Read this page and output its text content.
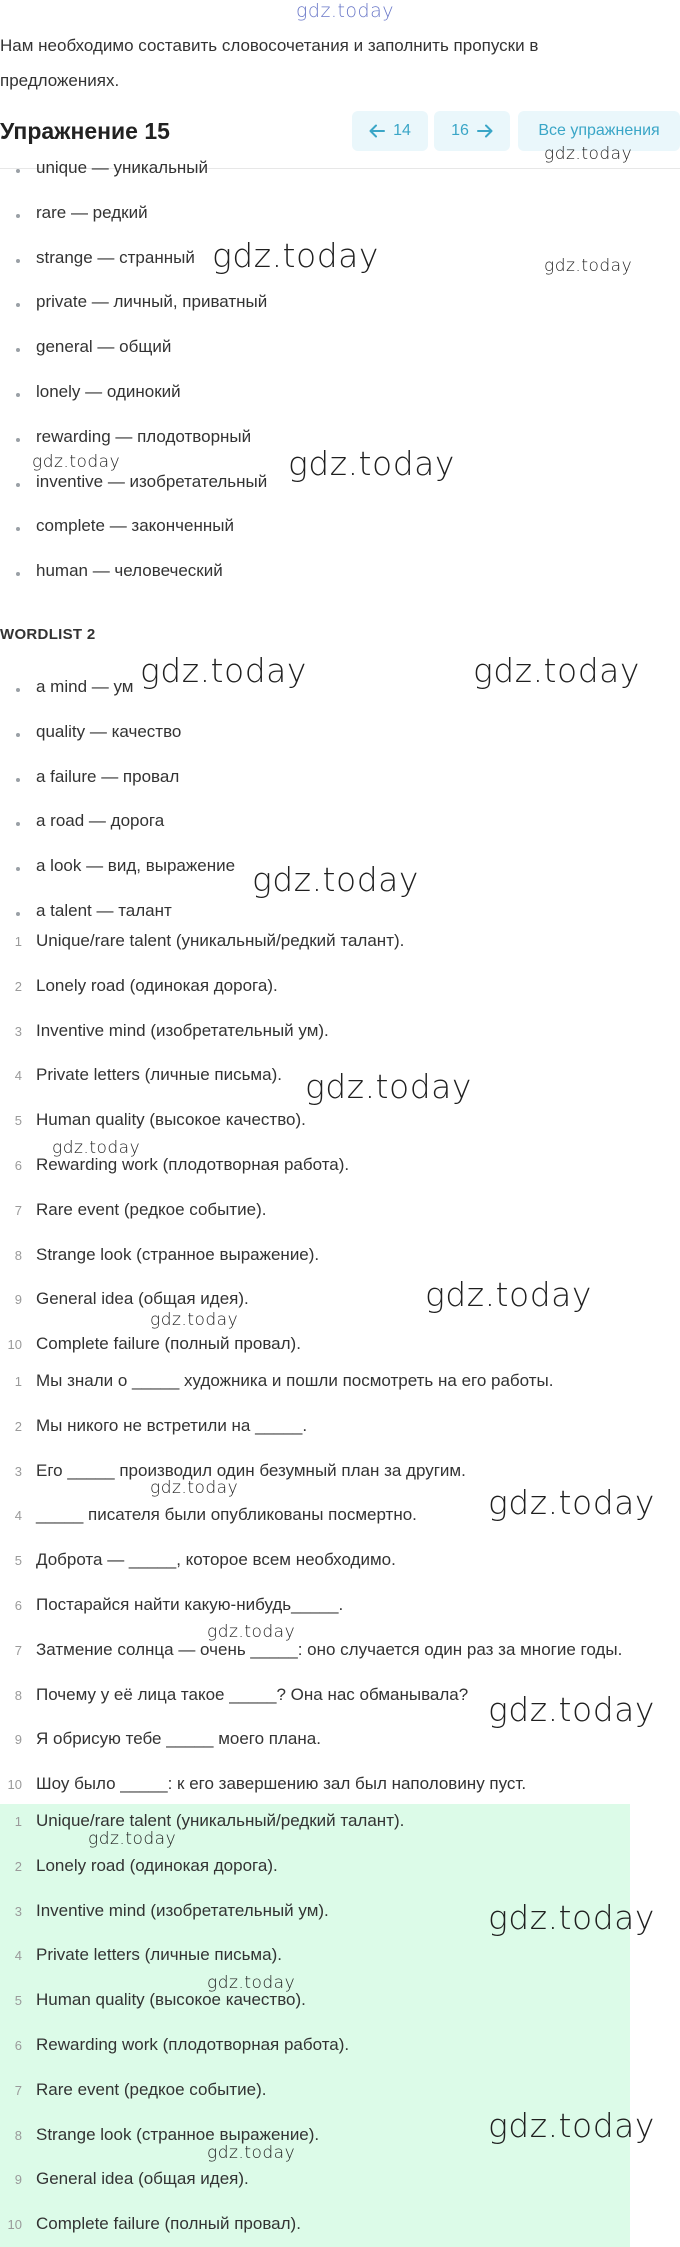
gdz.today
Нам необходимо составить словосочетания и заполнить пропуски в предложениях.
Упражнение 15	14	16	Все упражнения
unique — уникальный
rare — редкий
strange — странный
private — личный, приватный
general — общий
lonely — одинокий
rewarding — плодотворный
inventive — изобретательный
complete — законченный
human — человеческий
a mind — ум
quality — качество
a failure — провал
a road — дорога
a look — вид, выражение
a talent — талант
1 Unique/rare talent (уникальный/редкий талант).
2 Lonely road (одинокая дорога).
3 Inventive mind (изобретательный ум).
4 Private letters (личные письма).
5 Human quality (высокое качество).
6 Rewarding work (плодотворная работа).
7 Rare event (редкое событие).
8 Strange look (странное выражение).
9 General idea (общая идея).
10 Complete failure (полный провал).
1 Мы знали о _____ художника и пошли посмотреть на его работы.
2 Мы никого не встретили на _____.
3 Его _____ производил один безумный план за другим.
4 _____ писателя были опубликованы посмертно.
5 Доброта — _____, которое всем необходимо.
6 Постарайся найти какую-нибудь_____.
7 Затмение солнца — очень _____: оно случается один раз за многие годы.
8 Почему у её лица такое _____? Она нас обманывала?
9 Я обрисую тебе _____ моего плана.
10 Шоу было _____: к его завершению зал был наполовину пуст.
WORDLIST 2
1 Unique/rare talent (уникальный/редкий талант).
2 Lonely road (одинокая дорога).
3 Inventive mind (изобретательный ум).
4 Private letters (личные письма).
5 Human quality (высокое качество).
6 Rewarding work (плодотворная работа).
7 Rare event (редкое событие).
8 Strange look (странное выражение).
9 General idea (общая идея).
10 Complete failure (полный провал).
gdz.today
gdz.today	gdz.today
gdz.today	gdz.today
gdz.today	gdz.today
gdz.today
gdz.today
gdz.today
gdz.today
gdz.today
gdz.today	gdz.today
gdz.today
gdz.today
gdz.today
gdz.today
gdz.today
gdz.today
gdz.today
